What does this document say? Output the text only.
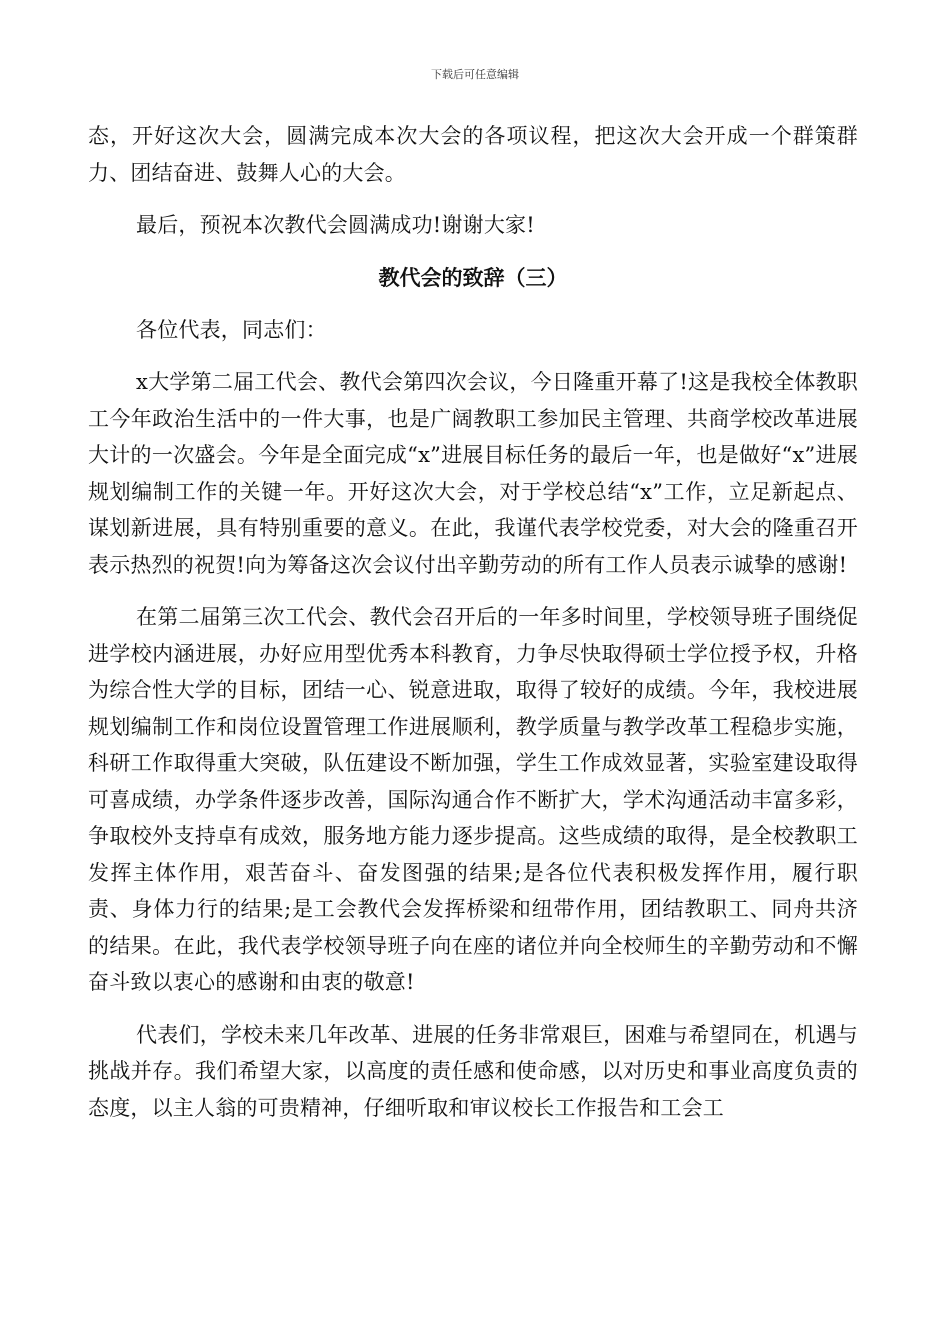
下载后可任意编辑

态，开好这次大会，圆满完成本次大会的各项议程，把这次大会开成一个群策群力、团结奋进、鼓舞人心的大会。

最后，预祝本次教代会圆满成功!谢谢大家!

教代会的致辞（三）

各位代表，同志们：

x大学第二届工代会、教代会第四次会议，今日隆重开幕了!这是我校全体教职工今年政治生活中的一件大事，也是广阔教职工参加民主管理、共商学校改革进展大计的一次盛会。今年是全面完成“x”进展目标任务的最后一年，也是做好“x”进展规划编制工作的关键一年。开好这次大会，对于学校总结“x”工作，立足新起点、谋划新进展，具有特别重要的意义。在此，我谨代表学校党委，对大会的隆重召开表示热烈的祝贺!向为筹备这次会议付出辛勤劳动的所有工作人员表示诚挚的感谢!

在第二届第三次工代会、教代会召开后的一年多时间里，学校领导班子围绕促进学校内涵进展，办好应用型优秀本科教育，力争尽快取得硕士学位授予权，升格为综合性大学的目标，团结一心、锐意进取，取得了较好的成绩。今年，我校进展规划编制工作和岗位设置管理工作进展顺利，教学质量与教学改革工程稳步实施，科研工作取得重大突破，队伍建设不断加强，学生工作成效显著，实验室建设取得可喜成绩，办学条件逐步改善，国际沟通合作不断扩大，学术沟通活动丰富多彩，争取校外支持卓有成效，服务地方能力逐步提高。这些成绩的取得，是全校教职工发挥主体作用，艰苦奋斗、奋发图强的结果;是各位代表积极发挥作用，履行职责、身体力行的结果;是工会教代会发挥桥梁和纽带作用，团结教职工、同舟共济的结果。在此，我代表学校领导班子向在座的诸位并向全校师生的辛勤劳动和不懈奋斗致以衷心的感谢和由衷的敬意!

代表们，学校未来几年改革、进展的任务非常艰巨，困难与希望同在，机遇与挑战并存。我们希望大家，以高度的责任感和使命感，以对历史和事业高度负责的态度，以主人翁的可贵精神，仔细听取和审议校长工作报告和工会工
